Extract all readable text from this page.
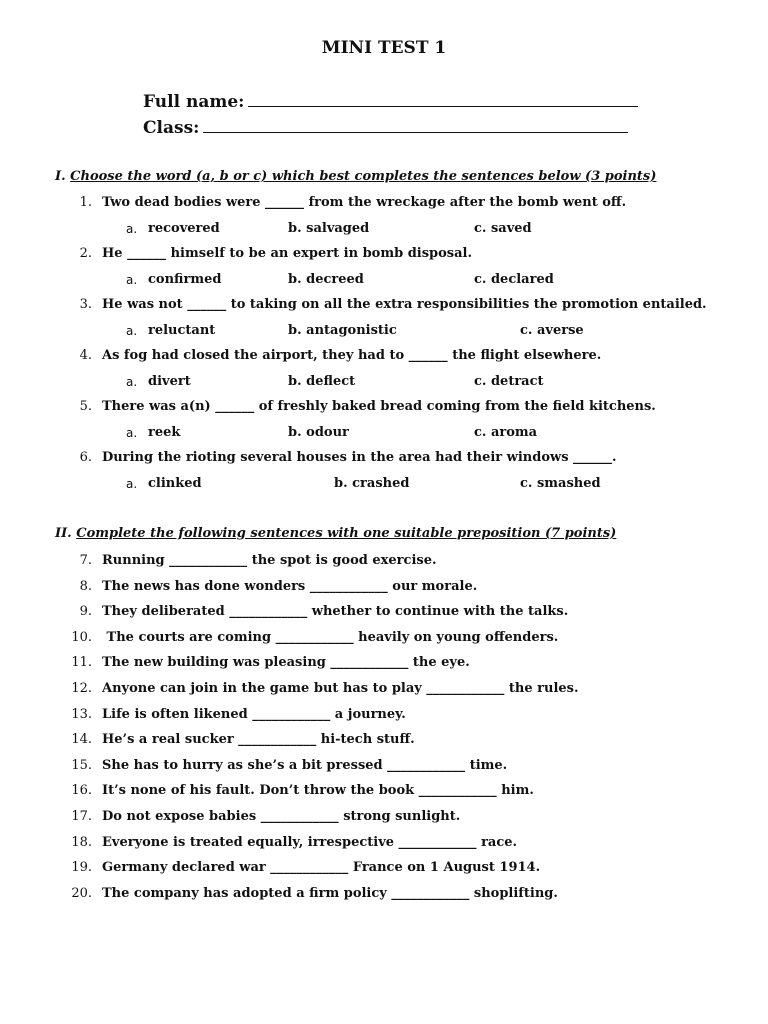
MINI TEST 1
Full name:
Class:
I. Choose the word (a, b or c) which best completes the sentences below (3 points)
1. Two dead bodies were ______ from the wreckage after the bomb went off.
a. recovered	b. salvaged	c. saved
2. He ______ himself to be an expert in bomb disposal.
a. confirmed	b. decreed	c. declared
3. He was not ______ to taking on all the extra responsibilities the promotion entailed.
a. reluctant	b. antagonistic	c. averse
4. As fog had closed the airport, they had to ______ the flight elsewhere.
a. divert	b. deflect	c. detract
5. There was a(n) ______ of freshly baked bread coming from the field kitchens.
a. reek	b. odour	c. aroma
6. During the rioting several houses in the area had their windows ______.
a. clinked	b. crashed	c. smashed
II. Complete the following sentences with one suitable preposition (7 points)
7. Running ____________ the spot is good exercise.
8. The news has done wonders ____________ our morale.
9. They deliberated ____________ whether to continue with the talks.
10. The courts are coming ____________ heavily on young offenders.
11. The new building was pleasing ____________ the eye.
12. Anyone can join in the game but has to play ____________ the rules.
13. Life is often likened ____________ a journey.
14. He’s a real sucker ____________ hi-tech stuff.
15. She has to hurry as she’s a bit pressed ____________ time.
16. It’s none of his fault. Don’t throw the book ____________ him.
17. Do not expose babies ____________ strong sunlight.
18. Everyone is treated equally, irrespective ____________ race.
19. Germany declared war ____________ France on 1 August 1914.
20. The company has adopted a firm policy ____________ shoplifting.
